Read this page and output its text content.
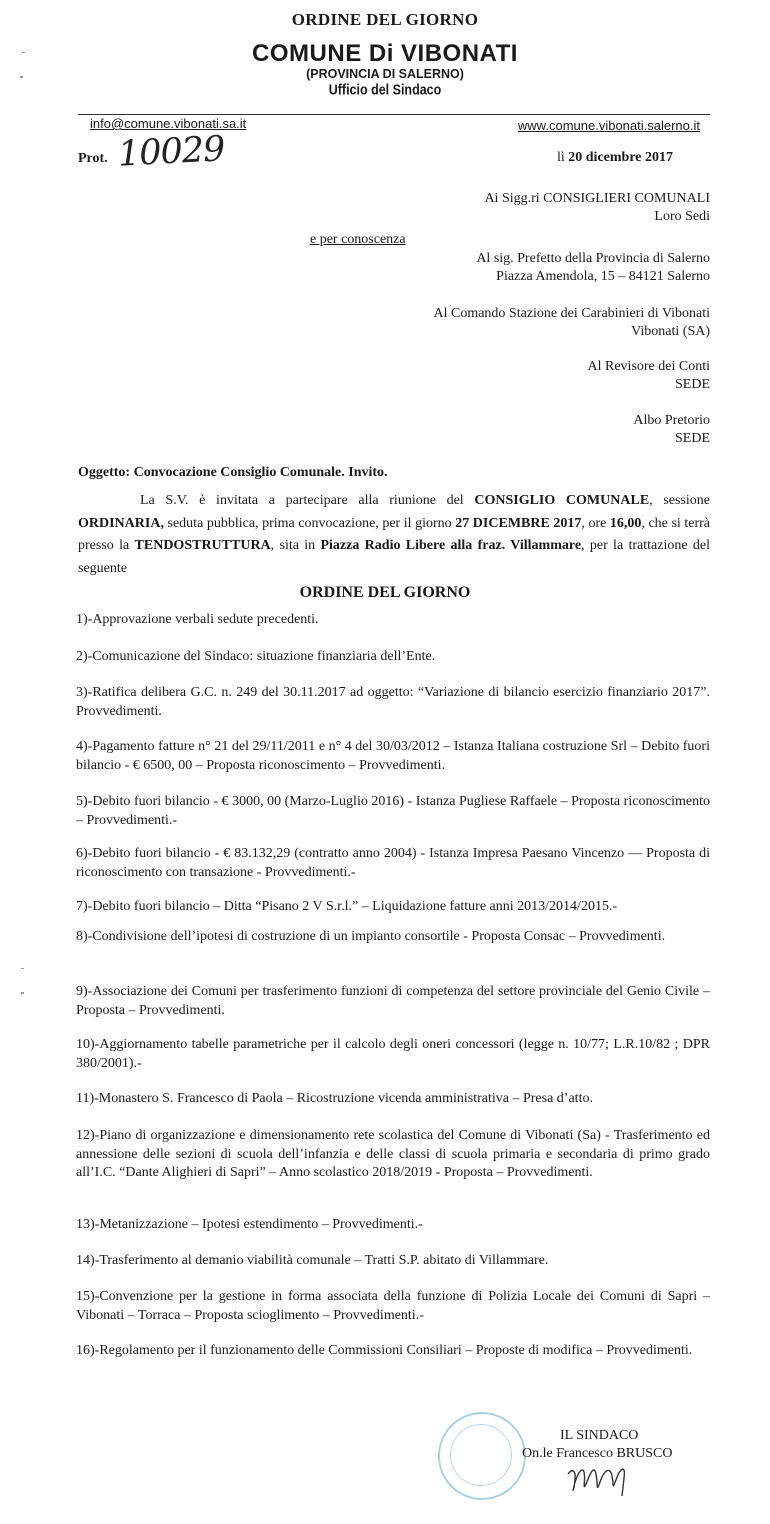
ORDINE DEL GIORNO
COMUNE Di VIBONATI
(PROVINCIA DI SALERNO)
Ufficio del Sindaco
info@comune.vibonati.sa.it	www.comune.vibonati.salerno.it
Prot. 10029	lì 20 dicembre 2017
Ai Sigg.ri CONSIGLIERI COMUNALI
Loro Sedi
e per conoscenza
Al sig. Prefetto della Provincia di Salerno
Piazza Amendola, 15 – 84121 Salerno
Al Comando Stazione dei Carabinieri di Vibonati
Vibonati (SA)
Al Revisore dei Conti
SEDE
Albo Pretorio
SEDE
Oggetto: Convocazione Consiglio Comunale. Invito.
La S.V. è invitata a partecipare alla riunione del CONSIGLIO COMUNALE, sessione ORDINARIA, seduta pubblica, prima convocazione, per il giorno 27 DICEMBRE 2017, ore 16,00, che si terrà presso la TENDOSTRUTTURA, sita in Piazza Radio Libere alla fraz. Villammare, per la trattazione del seguente
ORDINE DEL GIORNO
1)-Approvazione verbali sedute precedenti.
2)-Comunicazione del Sindaco: situazione finanziaria dell’Ente.
3)-Ratifica delibera G.C. n. 249 del 30.11.2017 ad oggetto: “Variazione di bilancio esercizio finanziario 2017”. Provvedimenti.
4)-Pagamento fatture n° 21 del 29/11/2011 e n° 4 del 30/03/2012 – Istanza Italiana costruzione Srl – Debito fuori bilancio - € 6500, 00 – Proposta riconoscimento – Provvedimenti.
5)-Debito fuori bilancio - € 3000, 00 (Marzo-Luglio 2016) - Istanza Pugliese Raffaele – Proposta riconoscimento – Provvedimenti.-
6)-Debito fuori bilancio - € 83.132,29 (contratto anno 2004) - Istanza Impresa Paesano Vincenzo — Proposta di riconoscimento con transazione - Provvedimenti.-
7)-Debito fuori bilancio – Ditta “Pisano 2 V S.r.l.” – Liquidazione fatture anni 2013/2014/2015.-
8)-Condivisione dell’ipotesi di costruzione di un impianto consortile - Proposta Consac – Provvedimenti.
9)-Associazione dei Comuni per trasferimento funzioni di competenza del settore provinciale del Genio Civile – Proposta – Provvedimenti.
10)-Aggiornamento tabelle parametriche per il calcolo degli oneri concessori (legge n. 10/77; L.R.10/82 ; DPR 380/2001).-
11)-Monastero S. Francesco di Paola – Ricostruzione vicenda amministrativa – Presa d’atto.
12)-Piano di organizzazione e dimensionamento rete scolastica del Comune di Vibonati (Sa) - Trasferimento ed annessione delle sezioni di scuola dell’infanzia e delle classi di scuola primaria e secondaria di primo grado all’I.C. “Dante Alighieri di Sapri” – Anno scolastico 2018/2019 - Proposta – Provvedimenti.
13)-Metanizzazione – Ipotesi estendimento – Provvedimenti.-
14)-Trasferimento al demanio viabilità comunale – Tratti S.P. abitato di Villammare.
15)-Convenzione per la gestione in forma associata della funzione di Polizia Locale dei Comuni di Sapri – Vibonati – Torraca – Proposta scioglimento – Provvedimenti.-
16)-Regolamento per il funzionamento delle Commissioni Consiliari – Proposte di modifica – Provvedimenti.
IL SINDACO
On.le Francesco BRUSCO
